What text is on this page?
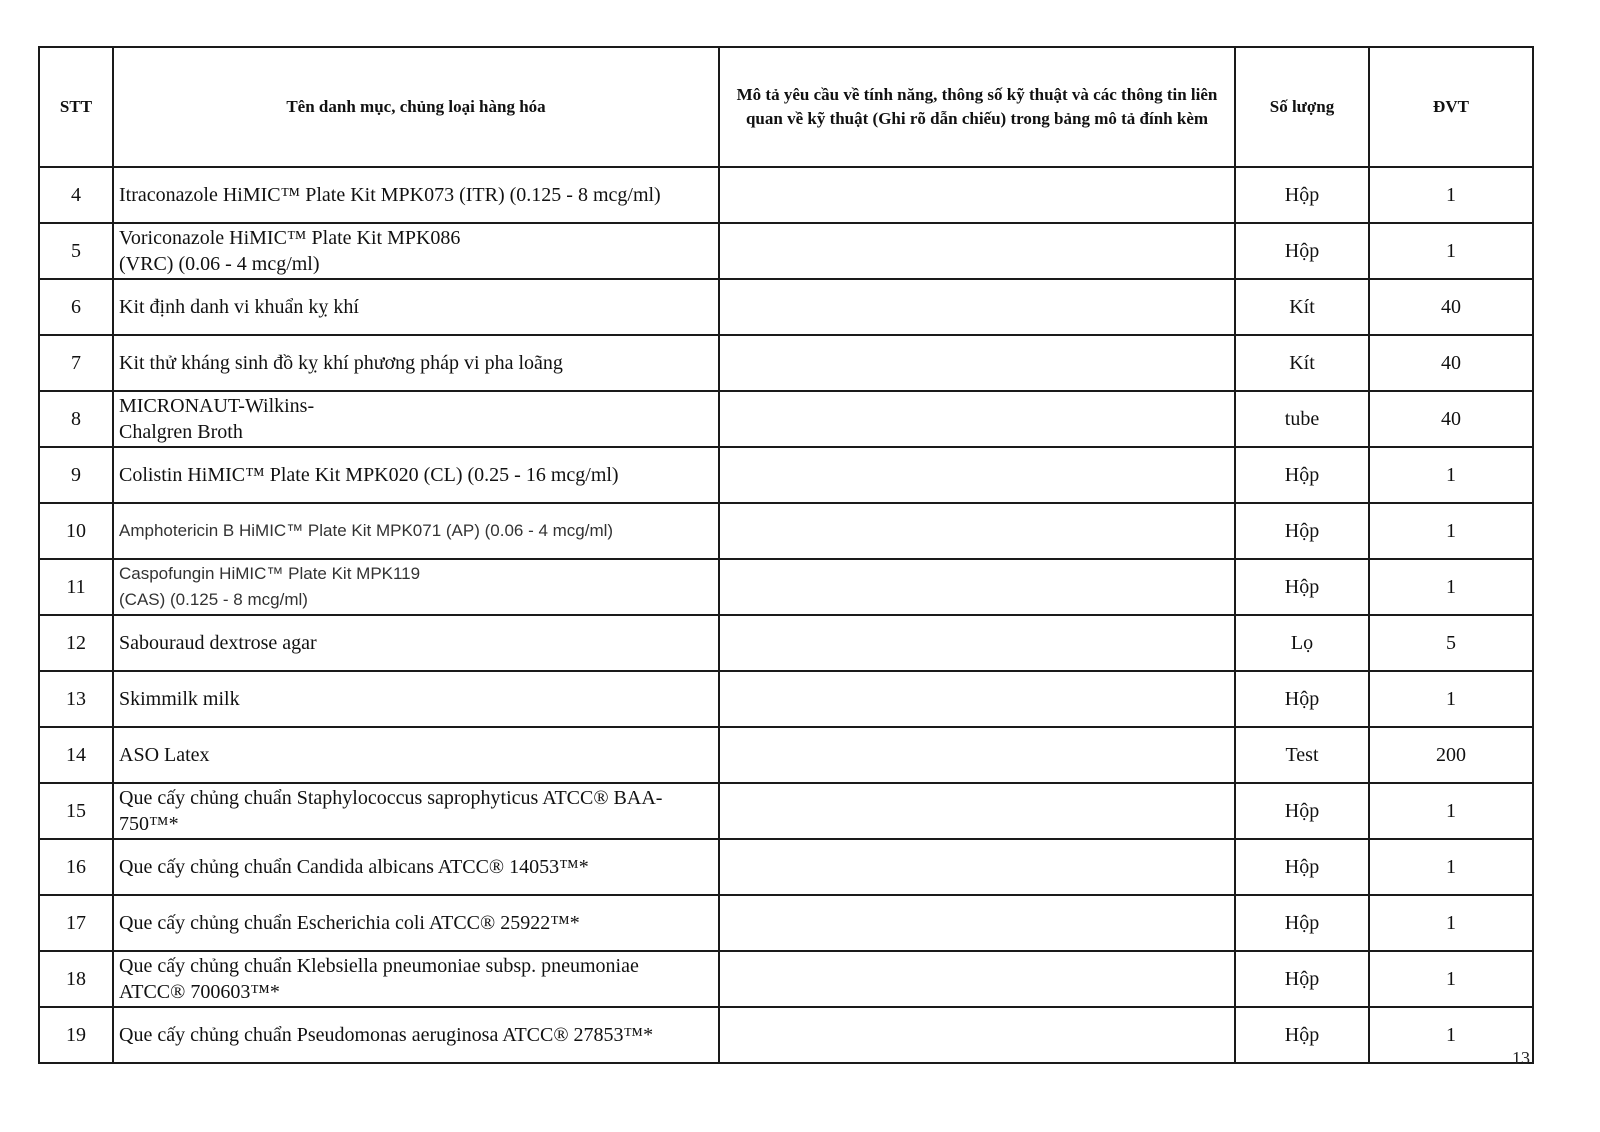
STT	Tên danh mục, chủng loại hàng hóa	Mô tả yêu cầu về tính năng, thông số kỹ thuật và các thông tin liên quan về kỹ thuật (Ghi rõ dẫn chiếu) trong bảng mô tả đính kèm	Số lượng	ĐVT
4	Itraconazole HiMIC™ Plate Kit MPK073 (ITR) (0.125 - 8 mcg/ml)		Hộp	1
5	Voriconazole HiMIC™ Plate Kit MPK086
(VRC) (0.06 - 4 mcg/ml)		Hộp	1
6	Kit định danh vi khuẩn kỵ khí		Kít	40
7	Kit thử kháng sinh đồ kỵ khí phương pháp vi pha loãng		Kít	40
8	MICRONAUT-Wilkins-
Chalgren Broth		tube	40
9	Colistin HiMIC™ Plate Kit MPK020 (CL) (0.25 - 16 mcg/ml)		Hộp	1
10	Amphotericin B HiMIC™ Plate Kit MPK071 (AP) (0.06 - 4 mcg/ml)		Hộp	1
11	Caspofungin HiMIC™ Plate Kit MPK119
(CAS) (0.125 - 8 mcg/ml)		Hộp	1
12	Sabouraud dextrose agar		Lọ	5
13	Skimmilk milk		Hộp	1
14	ASO Latex		Test	200
15	Que cấy chủng chuẩn Staphylococcus saprophyticus ATCC® BAA-
750™*		Hộp	1
16	Que cấy chủng chuẩn Candida albicans ATCC® 14053™*		Hộp	1
17	Que cấy chủng chuẩn Escherichia coli ATCC® 25922™*		Hộp	1
18	Que cấy chủng chuẩn Klebsiella pneumoniae subsp. pneumoniae
ATCC® 700603™*		Hộp	1
19	Que cấy chủng chuẩn Pseudomonas aeruginosa ATCC® 27853™*		Hộp	1
13
